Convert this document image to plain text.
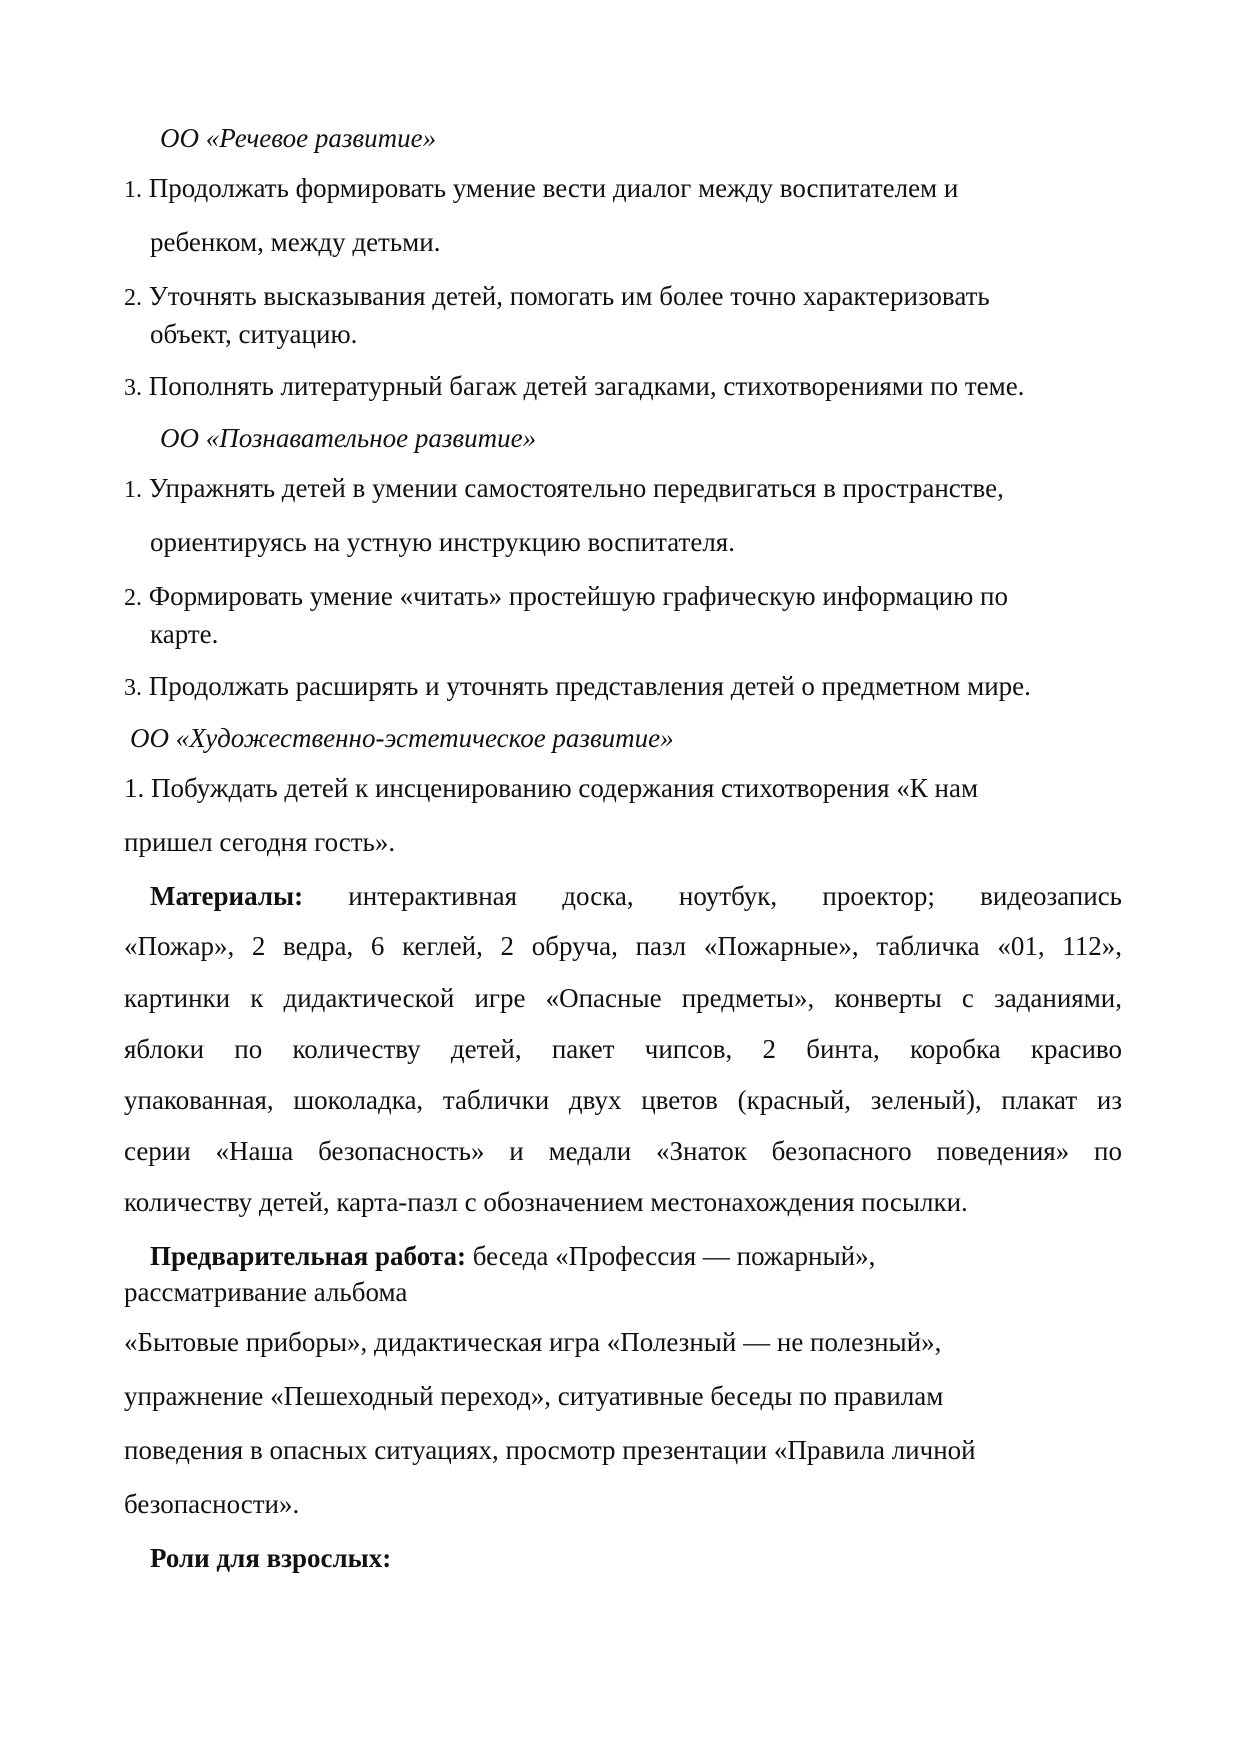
ОО «Речевое развитие»
1. Продолжать формировать умение вести диалог между воспитателем и
ребенком, между детьми.
2. Уточнять высказывания детей, помогать им более точно характеризовать
объект, ситуацию.
3. Пополнять литературный багаж детей загадками, стихотворениями по теме.
ОО «Познавательное развитие»
1. Упражнять детей в умении самостоятельно передвигаться в пространстве,
ориентируясь на устную инструкцию воспитателя.
2. Формировать умение «читать» простейшую графическую информацию по
карте.
3. Продолжать расширять и уточнять представления детей о предметном мире.
ОО «Художественно-эстетическое развитие»
1. Побуждать детей к инсценированию содержания стихотворения «К нам
пришел сегодня гость».
Материалы: интерактивная доска, ноутбук, проектор; видеозапись
«Пожар», 2 ведра, 6 кеглей, 2 обруча, пазл «Пожарные», табличка «01, 112»,
картинки к дидактической игре «Опасные предметы», конверты с заданиями,
яблоки по количеству детей, пакет чипсов, 2 бинта, коробка красиво
упакованная, шоколадка, таблички двух цветов (красный, зеленый), плакат из
серии «Наша безопасность» и медали «Знаток безопасного поведения» по
количеству детей, карта-пазл с обозначением местонахождения посылки.
Предварительная работа: беседа «Профессия — пожарный»,
рассматривание альбома
«Бытовые приборы», дидактическая игра «Полезный — не полезный»,
упражнение «Пешеходный переход», ситуативные беседы по правилам
поведения в опасных ситуациях, просмотр презентации «Правила личной
безопасности».
Роли для взрослых:
